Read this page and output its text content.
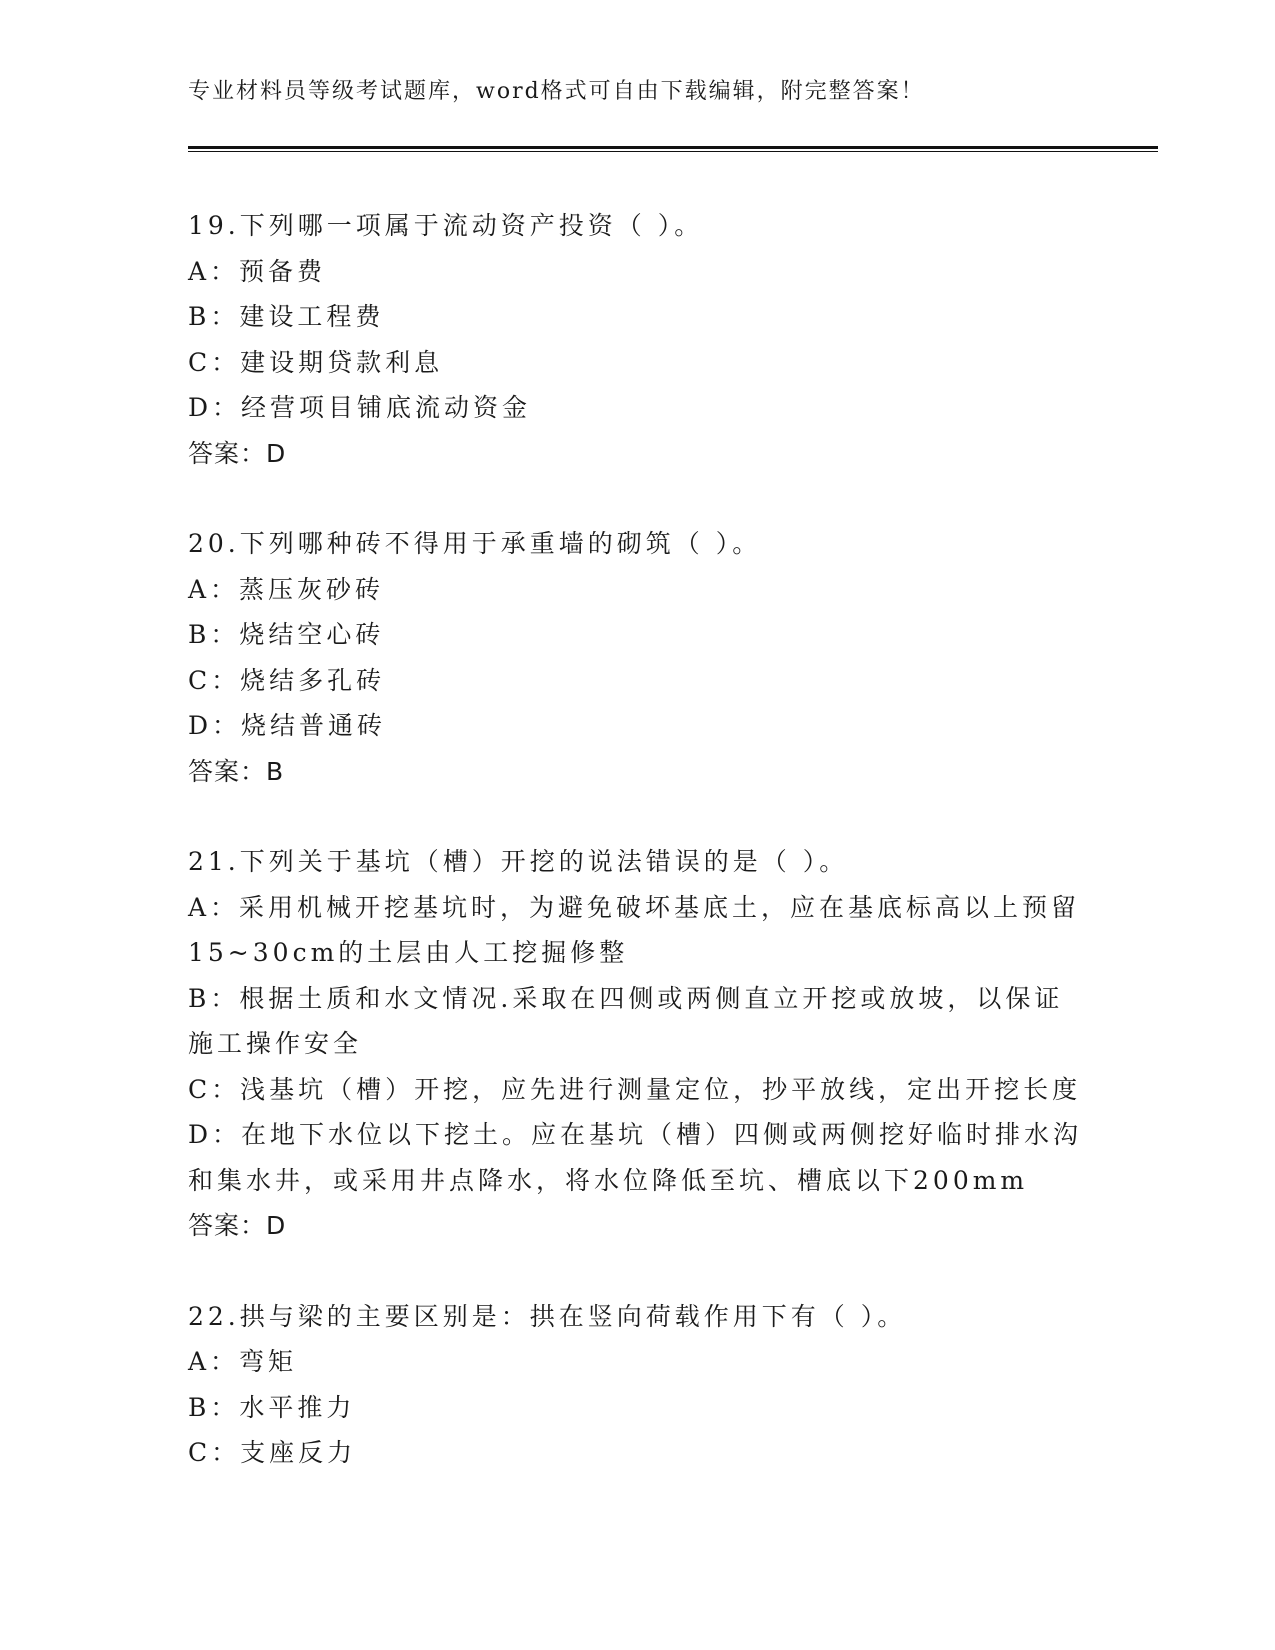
专业材料员等级考试题库，word格式可自由下载编辑，附完整答案！
19.下列哪一项属于流动资产投资（ ）。
A：预备费
B：建设工程费
C：建设期贷款利息
D：经营项目铺底流动资金
答案：D
20.下列哪种砖不得用于承重墙的砌筑（ ）。
A：蒸压灰砂砖
B：烧结空心砖
C：烧结多孔砖
D：烧结普通砖
答案：B
21.下列关于基坑（槽）开挖的说法错误的是（ ）。
A：采用机械开挖基坑时，为避免破坏基底土，应在基底标高以上预留
15~30cm的土层由人工挖掘修整
B：根据土质和水文情况.采取在四侧或两侧直立开挖或放坡，以保证
施工操作安全
C：浅基坑（槽）开挖，应先进行测量定位，抄平放线，定出开挖长度
D：在地下水位以下挖土。应在基坑（槽）四侧或两侧挖好临时排水沟
和集水井，或采用井点降水，将水位降低至坑、槽底以下200mm
答案：D
22.拱与梁的主要区别是：拱在竖向荷载作用下有（ ）。
A：弯矩
B：水平推力
C：支座反力
